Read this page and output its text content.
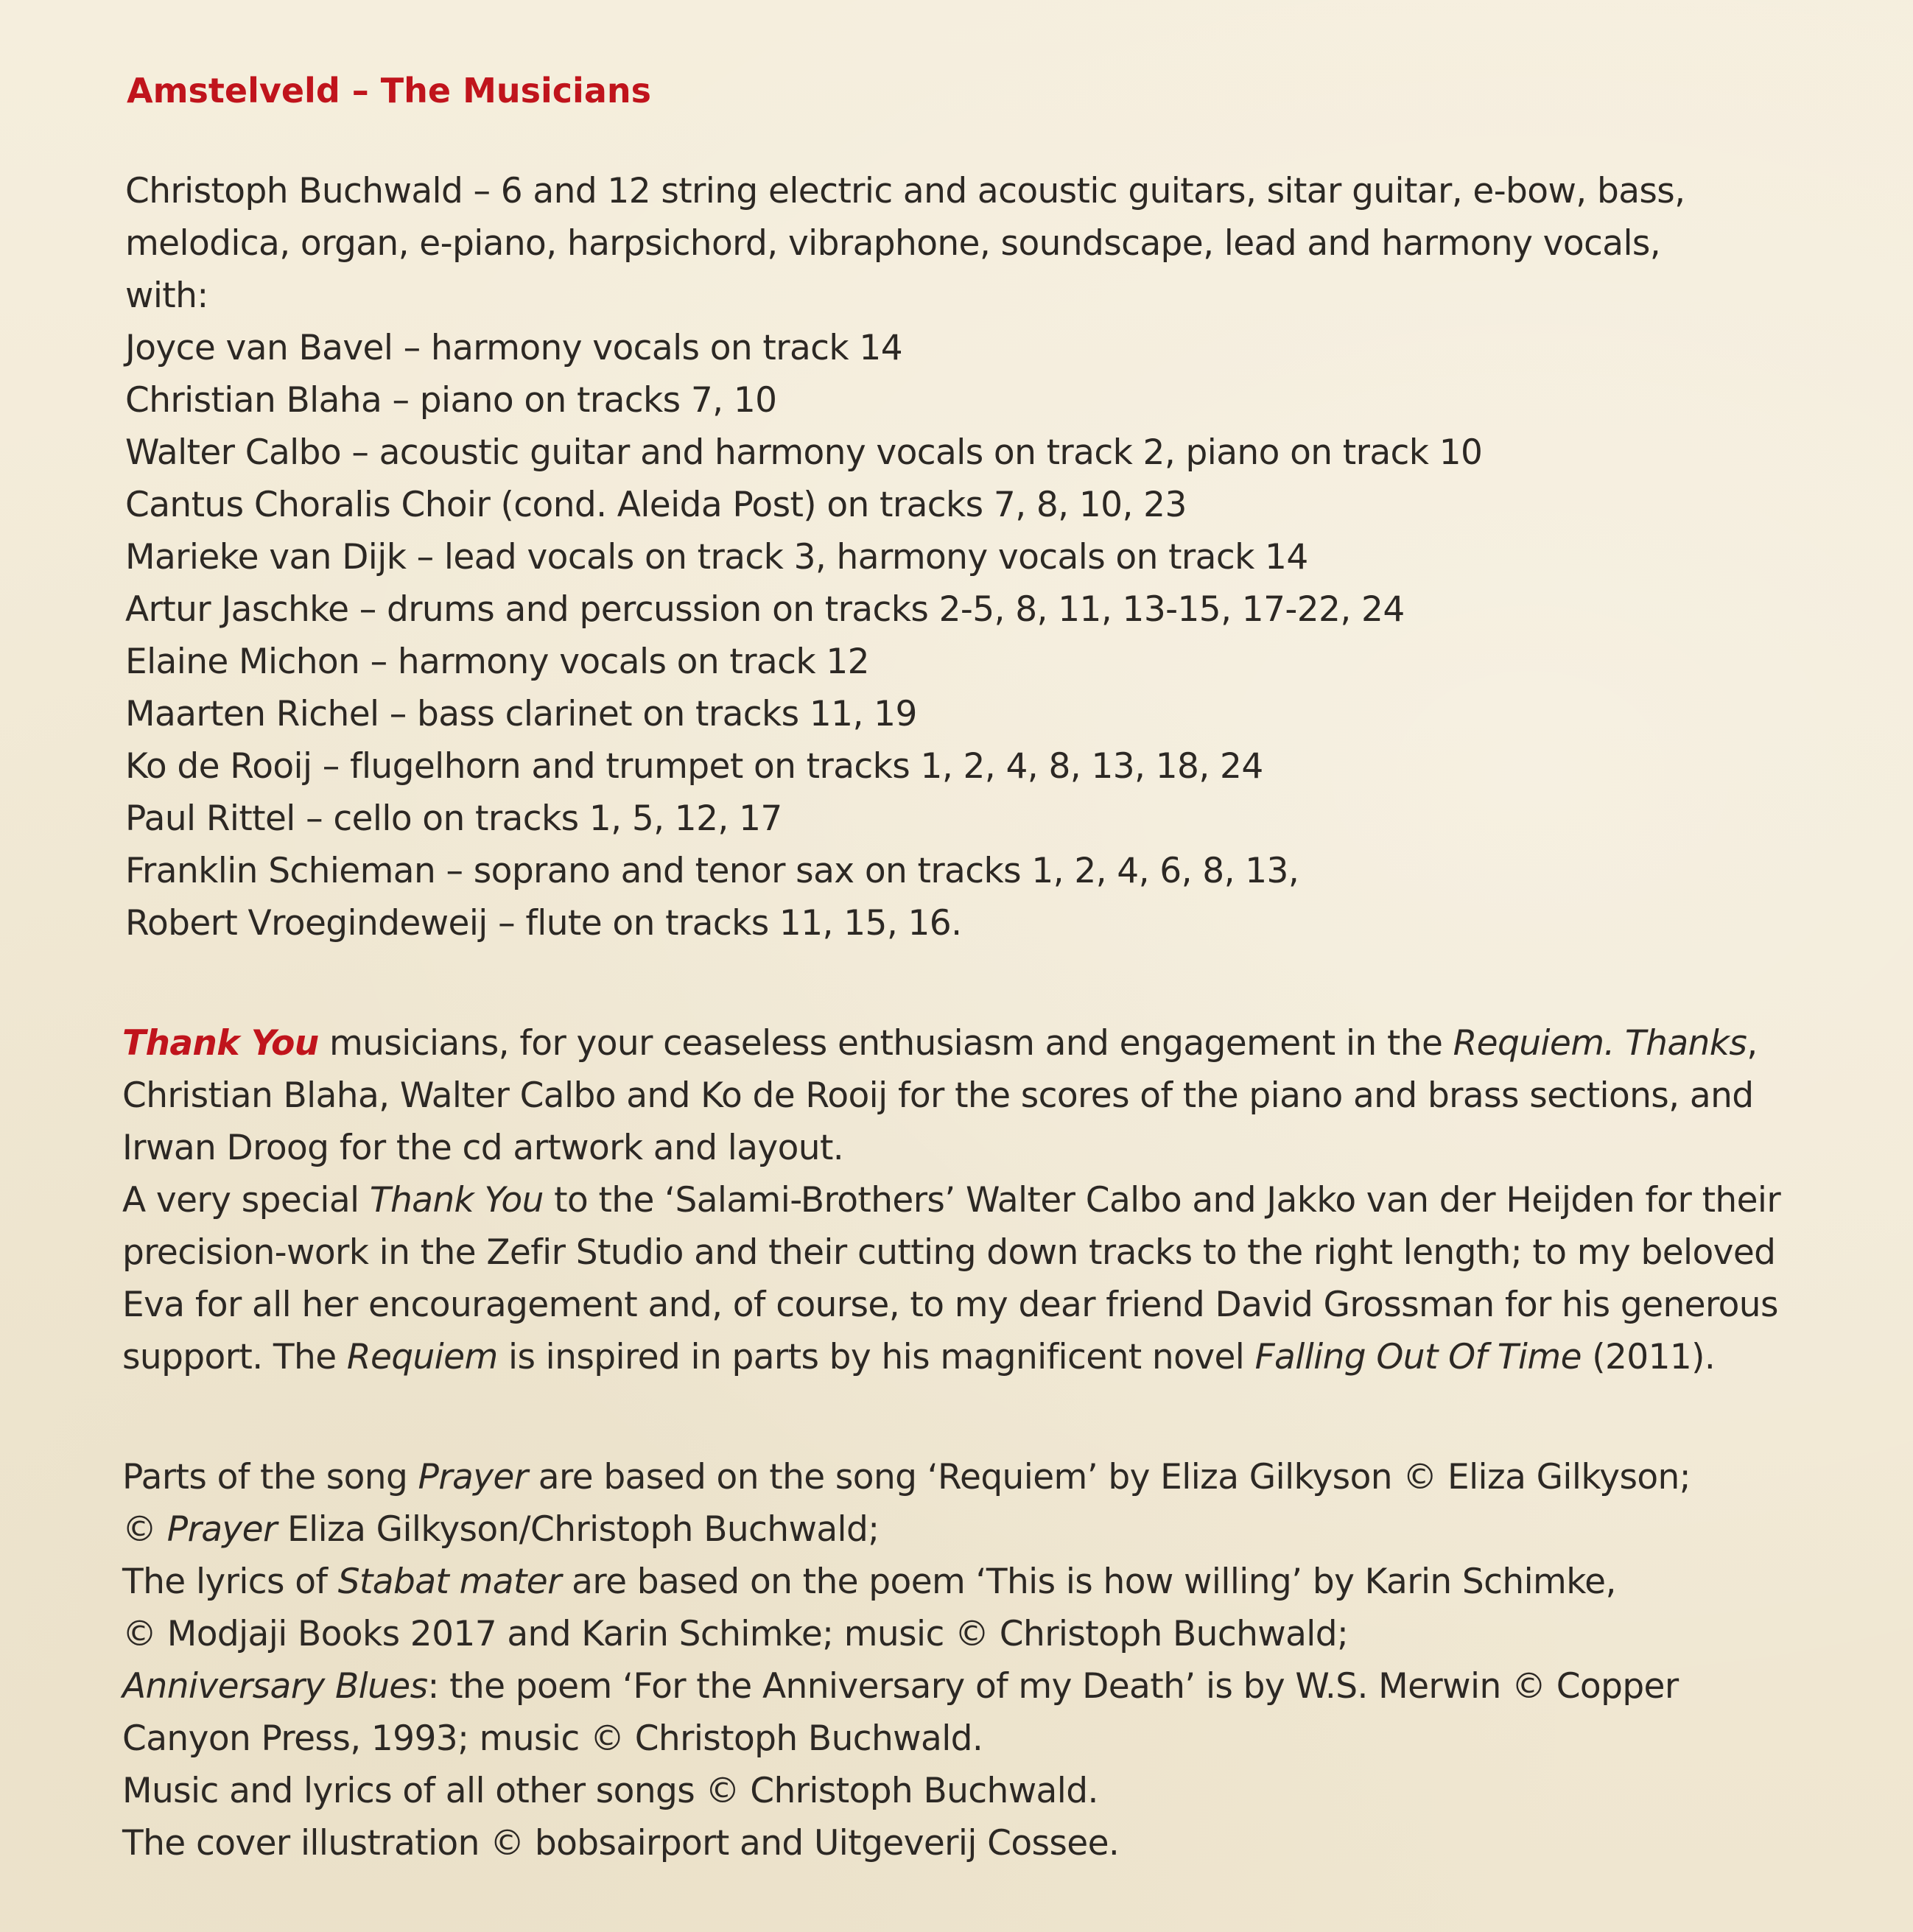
Amstelveld – The Musicians
Christoph Buchwald – 6 and 12 string electric and acoustic guitars, sitar guitar, e-bow, bass,
melodica, organ, e-piano, harpsichord, vibraphone, soundscape, lead and harmony vocals,
with:
Joyce van Bavel – harmony vocals on track 14
Christian Blaha – piano on tracks 7, 10
Walter Calbo – acoustic guitar and harmony vocals on track 2, piano on track 10
Cantus Choralis Choir (cond. Aleida Post) on tracks 7, 8, 10, 23
Marieke van Dijk – lead vocals on track 3, harmony vocals on track 14
Artur Jaschke – drums and percussion on tracks 2-5, 8, 11, 13-15, 17-22, 24
Elaine Michon – harmony vocals on track 12
Maarten Richel – bass clarinet on tracks 11, 19
Ko de Rooij – flugelhorn and trumpet on tracks 1, 2, 4, 8, 13, 18, 24
Paul Rittel – cello on tracks 1, 5, 12, 17
Franklin Schieman – soprano and tenor sax on tracks 1, 2, 4, 6, 8, 13,
Robert Vroegindeweij – flute on tracks 11, 15, 16.
Thank You musicians, for your ceaseless enthusiasm and engagement in the Requiem. Thanks,
Christian Blaha, Walter Calbo and Ko de Rooij for the scores of the piano and brass sections, and
Irwan Droog for the cd artwork and layout.
A very special Thank You to the ‘Salami-Brothers’ Walter Calbo and Jakko van der Heijden for their
precision-work in the Zefir Studio and their cutting down tracks to the right length; to my beloved
Eva for all her encouragement and, of course, to my dear friend David Grossman for his generous
support. The Requiem is inspired in parts by his magnificent novel Falling Out Of Time (2011).
Parts of the song Prayer are based on the song ‘Requiem’ by Eliza Gilkyson © Eliza Gilkyson;
© Prayer Eliza Gilkyson/Christoph Buchwald;
The lyrics of Stabat mater are based on the poem ‘This is how willing’ by Karin Schimke,
© Modjaji Books 2017 and Karin Schimke; music © Christoph Buchwald;
Anniversary Blues: the poem ‘For the Anniversary of my Death’ is by W.S. Merwin © Copper
Canyon Press, 1993; music © Christoph Buchwald.
Music and lyrics of all other songs © Christoph Buchwald.
The cover illustration © bobsairport and Uitgeverij Cossee.
